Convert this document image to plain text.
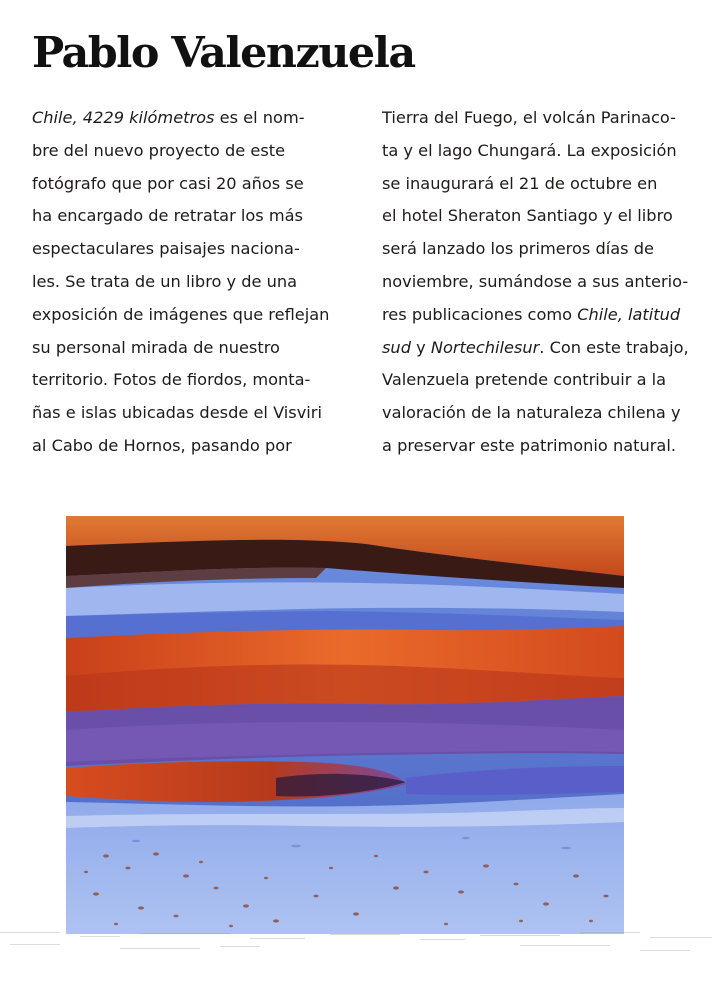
Pablo Valenzuela
Chile, 4229 kilómetros es el nom-
bre del nuevo proyecto de este
fotógrafo que por casi 20 años se
ha encargado de retratar los más
espectaculares paisajes naciona-
les. Se trata de un libro y de una
exposición de imágenes que reflejan
su personal mirada de nuestro
territorio. Fotos de fiordos, monta-
ñas e islas ubicadas desde el Visviri
al Cabo de Hornos, pasando por
Tierra del Fuego, el volcán Parinaco-
ta y el lago Chungará. La exposición
se inaugurará el 21 de octubre en
el hotel Sheraton Santiago y el libro
será lanzado los primeros días de
noviembre, sumándose a sus anterio-
res publicaciones como Chile, latitud
sud y Nortechilesur. Con este trabajo,
Valenzuela pretende contribuir a la
valoración de la naturaleza chilena y
a preservar este patrimonio natural.
